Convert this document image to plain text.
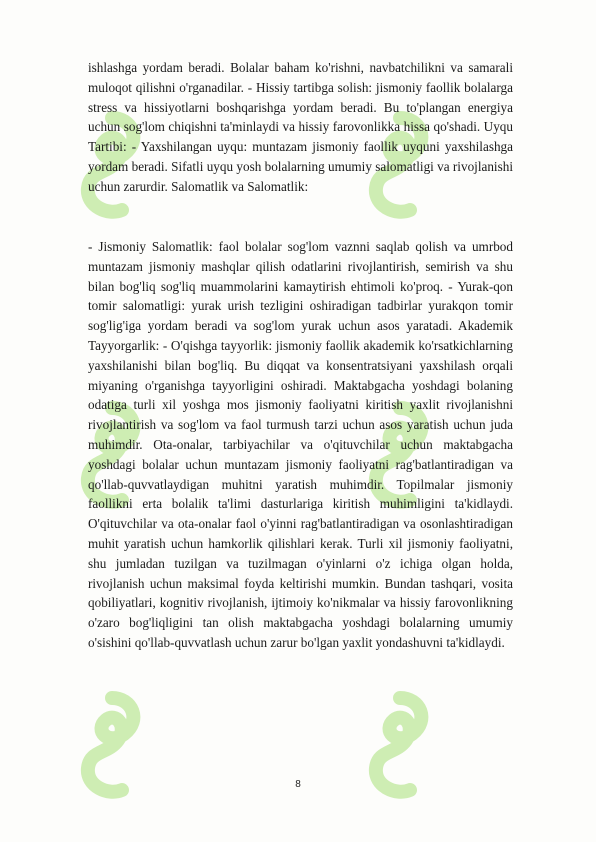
ishlashga yordam beradi. Bolalar baham ko'rishni, navbatchilikni va samarali muloqot qilishni o'rganadilar. - Hissiy tartibga solish: jismoniy faollik bolalarga stress va hissiyotlarni boshqarishga yordam beradi. Bu to'plangan energiya uchun sog'lom chiqishni ta'minlaydi va hissiy farovonlikka hissa qo'shadi. Uyqu Tartibi: - Yaxshilangan uyqu: muntazam jismoniy faollik uyquni yaxshilashga yordam beradi. Sifatli uyqu yosh bolalarning umumiy salomatligi va rivojlanishi uchun zarurdir. Salomatlik va Salomatlik:

- Jismoniy Salomatlik: faol bolalar sog'lom vaznni saqlab qolish va umrbod muntazam jismoniy mashqlar qilish odatlarini rivojlantirish, semirish va shu bilan bog'liq sog'liq muammolarini kamaytirish ehtimoli ko'proq. - Yurak-qon tomir salomatligi: yurak urish tezligini oshiradigan tadbirlar yurakqon tomir sog'lig'iga yordam beradi va sog'lom yurak uchun asos yaratadi. Akademik Tayyorgarlik: - O'qishga tayyorlik: jismoniy faollik akademik ko'rsatkichlarning yaxshilanishi bilan bog'liq. Bu diqqat va konsentratsiyani yaxshilash orqali miyaning o'rganishga tayyorligini oshiradi. Maktabgacha yoshdagi bolaning odatiga turli xil yoshga mos jismoniy faoliyatni kiritish yaxlit rivojlanishni rivojlantirish va sog'lom va faol turmush tarzi uchun asos yaratish uchun juda muhimdir. Ota-onalar, tarbiyachilar va o'qituvchilar uchun maktabgacha yoshdagi bolalar uchun muntazam jismoniy faoliyatni rag'batlantiradigan va qo'llab-quvvatlaydigan muhitni yaratish muhimdir. Topilmalar jismoniy faollikni erta bolalik ta'limi dasturlariga kiritish muhimligini ta'kidlaydi. O'qituvchilar va ota-onalar faol o'yinni rag'batlantiradigan va osonlashtiradigan muhit yaratish uchun hamkorlik qilishlari kerak. Turli xil jismoniy faoliyatni, shu jumladan tuzilgan va tuzilmagan o'yinlarni o'z ichiga olgan holda, rivojlanish uchun maksimal foyda keltirishi mumkin. Bundan tashqari, vosita qobiliyatlari, kognitiv rivojlanish, ijtimoiy ko'nikmalar va hissiy farovonlikning o'zaro bog'liqligini tan olish maktabgacha yoshdagi bolalarning umumiy o'sishini qo'llab-quvvatlash uchun zarur bo'lgan yaxlit yondashuvni ta'kidlaydi.

8
